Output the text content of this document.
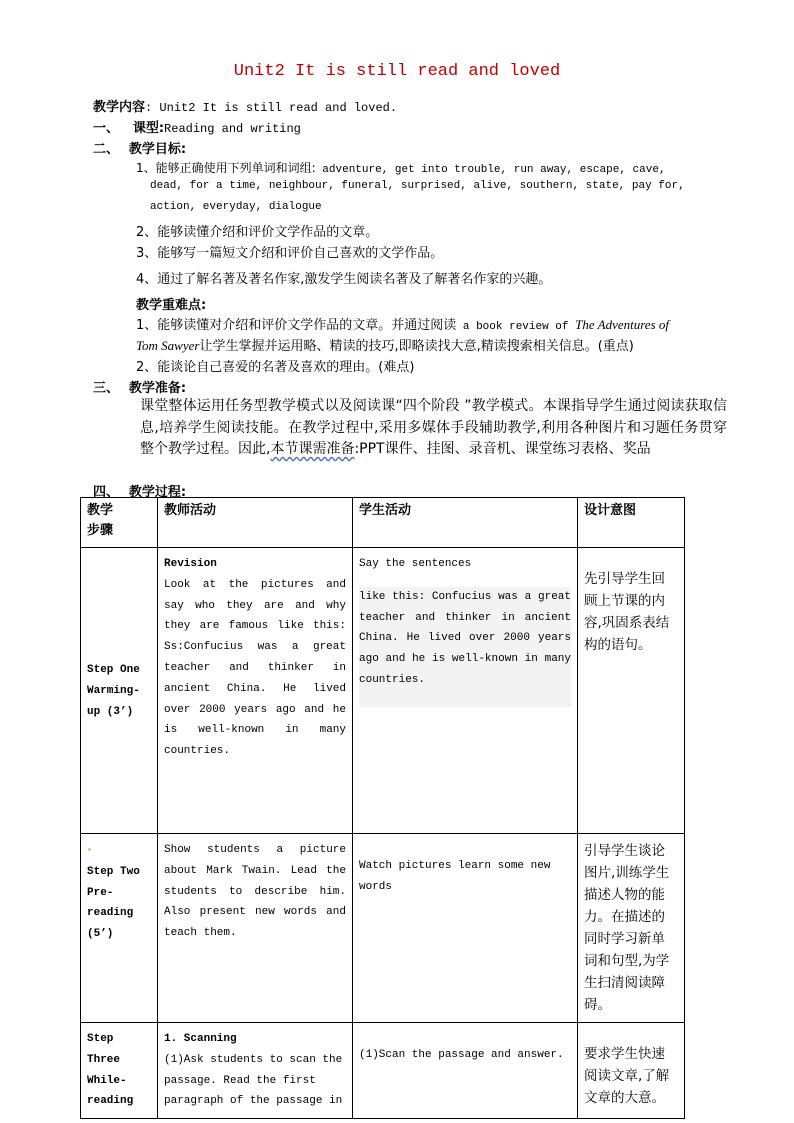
Unit2 It is still read and loved
教学内容: Unit2 It is still read and loved.
一、 课型:Reading and writing
二、 教学目标:
1、能够正确使用下列单词和词组: adventure, get into trouble, run away, escape, cave,
dead, for a time, neighbour, funeral, surprised, alive, southern, state, pay for,
action, everyday, dialogue
2、能够读懂介绍和评价文学作品的文章。
3、能够写一篇短文介绍和评价自己喜欢的文学作品。
4、通过了解名著及著名作家,激发学生阅读名著及了解著名作家的兴趣。
教学重难点:
1、能够读懂对介绍和评价文学作品的文章。并通过阅读 a book review of The Adventures of
Tom Sawyer让学生掌握并运用略、精读的技巧,即略读找大意,精读搜索相关信息。(重点)
2、能谈论自己喜爱的名著及喜欢的理由。(难点)
三、 教学准备:
课堂整体运用任务型教学模式以及阅读课“四个阶段 ”教学模式。本课指导学生通过阅读获取信息,培养学生阅读技能。在教学过程中,采用多媒体手段辅助教学,利用各种图片和习题任务贯穿整个教学过程。因此,本节课需准备:PPT课件、挂图、录音机、课堂练习表格、奖品
四、 教学过程:
教学
步骤	教师活动	学生活动	设计意图

Step One Warming-up (3’)	Revision
Look at the pictures and say who they are and why they are famous like this: Ss:Confucius was a great teacher and thinker in ancient China. He lived over 2000 years ago and he is well-known in many countries.	Say the sentences
like this: Confucius was a great teacher and thinker in ancient China. He lived over 2000 years ago and he is well-known in many countries.	先引导学生回顾上节课的内容,巩固系表结构的语句。
▪

Step Two Pre-reading (5’)	Show students a picture about Mark Twain. Lead the students to describe him. Also present new words and teach them.	Watch pictures learn some new words	引导学生谈论图片,训练学生描述人物的能力。在描述的同时学习新单词和句型,为学生扫清阅读障碍。
Step Three While-reading	1. Scanning
(1)Ask students to scan the passage. Read the first paragraph of the passage in	(1)Scan the passage and answer.	要求学生快速阅读文章,了解文章的大意。
